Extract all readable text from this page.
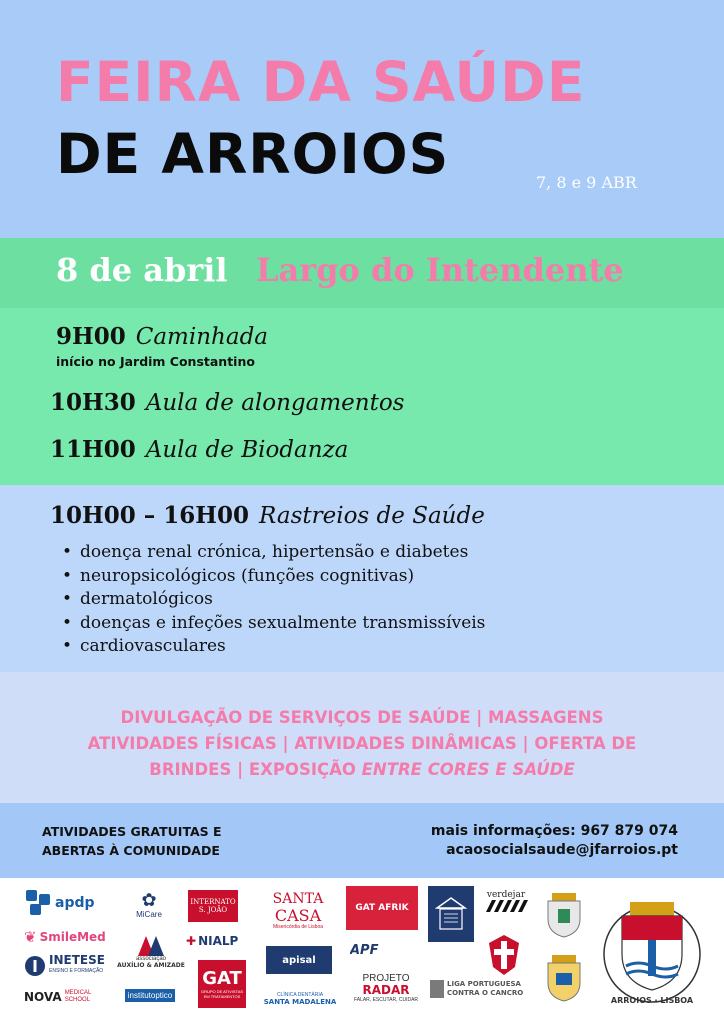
FEIRA DA SAÚDE
DE ARROIOS	7, 8 e 9 ABR
8 de abril Largo do Intendente
9H00 Caminhada
início no Jardim Constantino
10H30 Aula de alongamentos
11H00 Aula de Biodanza
10H00 – 16H00 Rastreios de Saúde
• doença renal crónica, hipertensão e diabetes
• neuropsicológicos (funções cognitivas)
• dermatológicos
• doenças e infeções sexualmente transmissíveis
• cardiovasculares
DIVULGAÇÃO DE SERVIÇOS DE SAÚDE | MASSAGENS
ATIVIDADES FÍSICAS | ATIVIDADES DINÂMICAS | OFERTA DE
BRINDES | EXPOSIÇÃO ENTRE CORES E SAÚDE
ATIVIDADES GRATUITAS E
ABERTAS À COMUNIDADE
mais informações: 967 879 074
acaosocialsaude@jfarroios.pt
apdp
❦ SmileMed
INETESE
ENSINO E FORMAÇÃO
NOVA MEDICAL SCHOOL
✿
MiCare
associação
AUXÍLIO & AMIZADE
institutoptico
INTERNATO
S. JOÃO
✚ NIALP
GAT
GRUPO DE ATIVISTAS EM TRATAMENTOS
SANTA
CASA
Misericórdia de Lisboa
apisal
CLÍNICA DENTÁRIA
SANTA MADALENA
GAT AFRIK
APF
PROJETO
RADAR
FALAR, ESCUTAR, CUIDAR
LIGA PORTUGUESA
CONTRA O CANCRO
verdejar
ARROIOS · LISBOA
